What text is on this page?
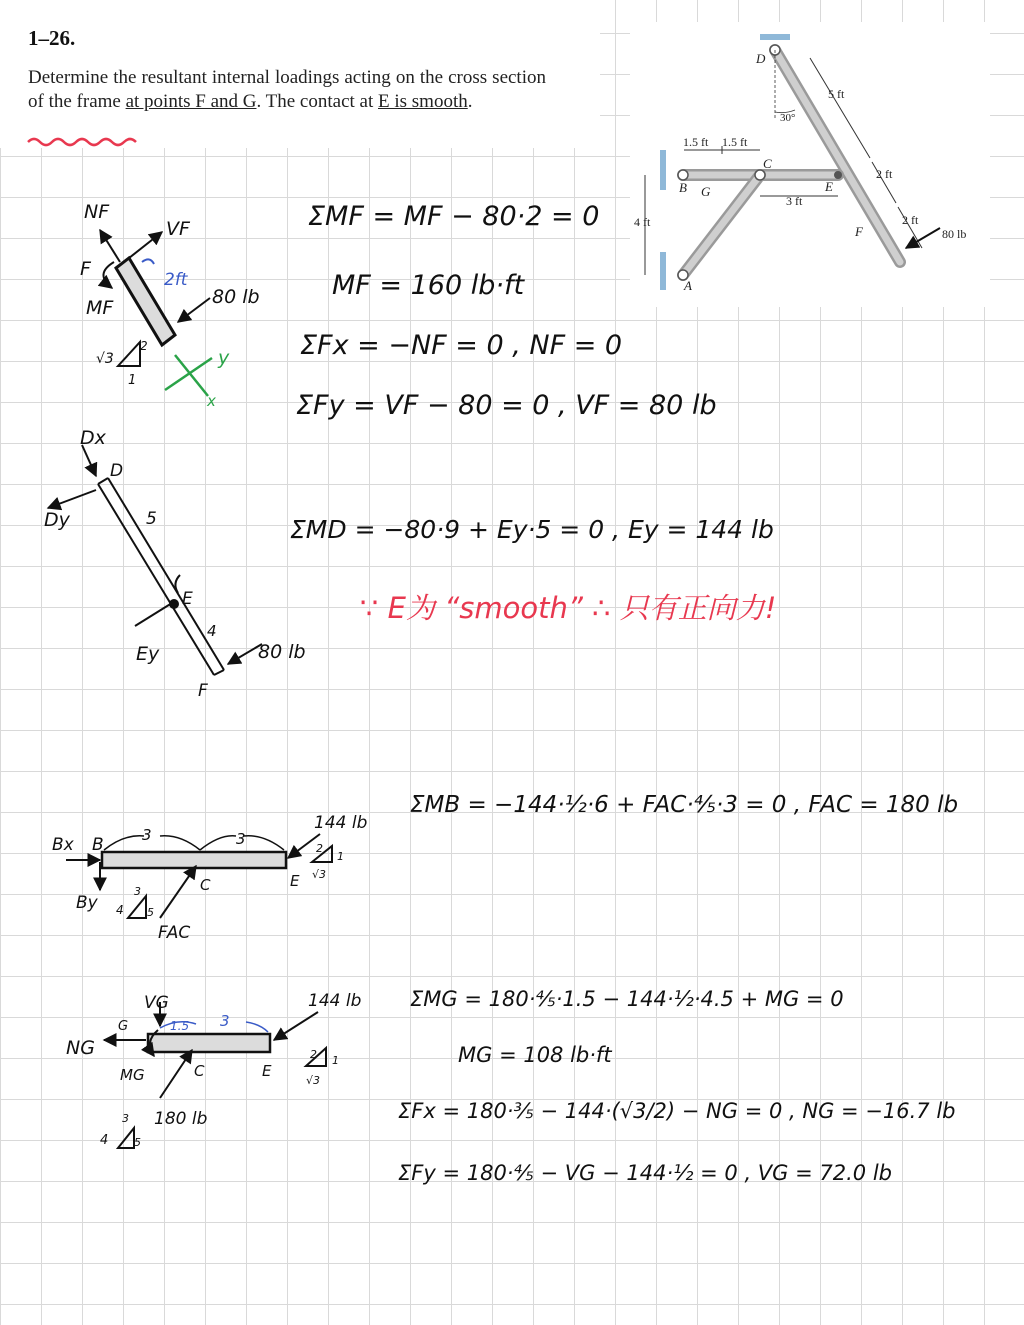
1–26.
Determine the resultant internal loadings acting on the cross section of the frame at points F and G. The contact at E is smooth.
D
C
B G	E
F
A
1.5 ft 1.5 ft
3 ft
4 ft
5 ft
2 ft
2 ft
30°
80 lb
NF
VF
F
MF
2ft
80 lb
√3
2
1
y
x
ΣMF = MF − 80·2 = 0
MF = 160 lb·ft
ΣFx = −NF = 0 , NF = 0
ΣFy = VF − 80 = 0 , VF = 80 lb
Dx
Dy
D
5
E
Ey
4
F
80 lb
ΣMD = −80·9 + Ey·5 = 0 , Ey = 144 lb
∵ E为 “smooth” ∴ 只有正向力!
Bx B	3	3
C	E
By
FAC
144 lb
3
4 5
2
1
√3
ΣMB = −144·½·6 + FAC·⅘·3 = 0 , FAC = 180 lb
VG
G
NG
MG
1.5 3
C	E
144 lb
180 lb
3
4 5
2 1
√3
ΣMG = 180·⅘·1.5 − 144·½·4.5 + MG = 0
MG = 108 lb·ft
ΣFx = 180·⅗ − 144·(√3/2) − NG = 0 , NG = −16.7 lb
ΣFy = 180·⅘ − VG − 144·½ = 0 , VG = 72.0 lb
